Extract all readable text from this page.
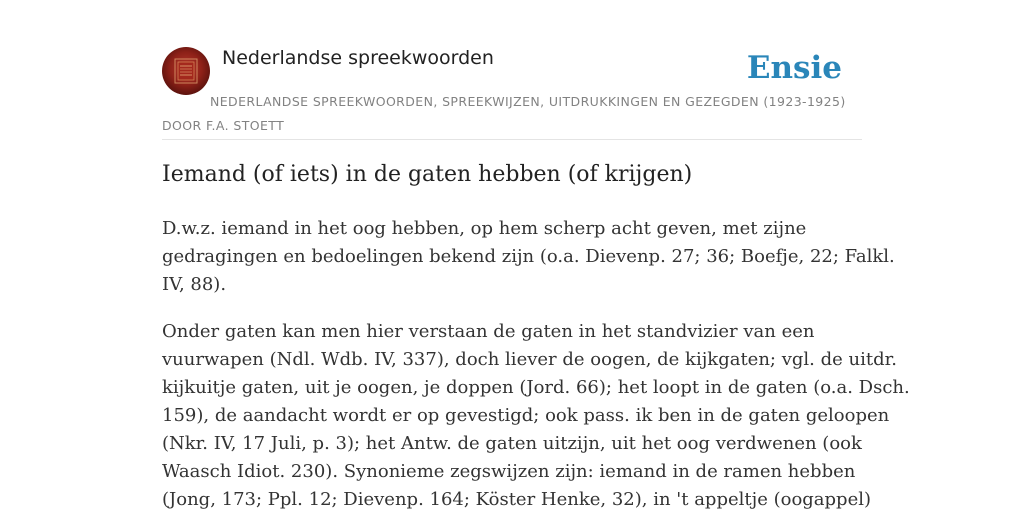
Nederlandse spreekwoorden	Ensie
NEDERLANDSE SPREEKWOORDEN, SPREEKWIJZEN, UITDRUKKINGEN EN GEZEGDEN (1923-1925)
DOOR F.A. STOETT
Iemand (of iets) in de gaten hebben (of krijgen)

D.w.z. iemand in het oog hebben, op hem scherp acht geven, met zijne
gedragingen en bedoelingen bekend zijn (o.a. Dievenp. 27; 36; Boefje, 22; Falkl.
IV, 88).

Onder gaten kan men hier verstaan de gaten in het standvizier van een
vuurwapen (Ndl. Wdb. IV, 337), doch liever de oogen, de kijkgaten; vgl. de uitdr.
kijkuitje gaten, uit je oogen, je doppen (Jord. 66); het loopt in de gaten (o.a. Dsch.
159), de aandacht wordt er op gevestigd; ook pass. ik ben in de gaten geloopen
(Nkr. IV, 17 Juli, p. 3); het Antw. de gaten uitzijn, uit het oog verdwenen (ook
Waasch Idiot. 230). Synonieme zegswijzen zijn: iemand in de ramen hebben
(Jong, 173; Ppl. 12; Dievenp. 164; Köster Henke, 32), in 't appeltje (oogappel)
